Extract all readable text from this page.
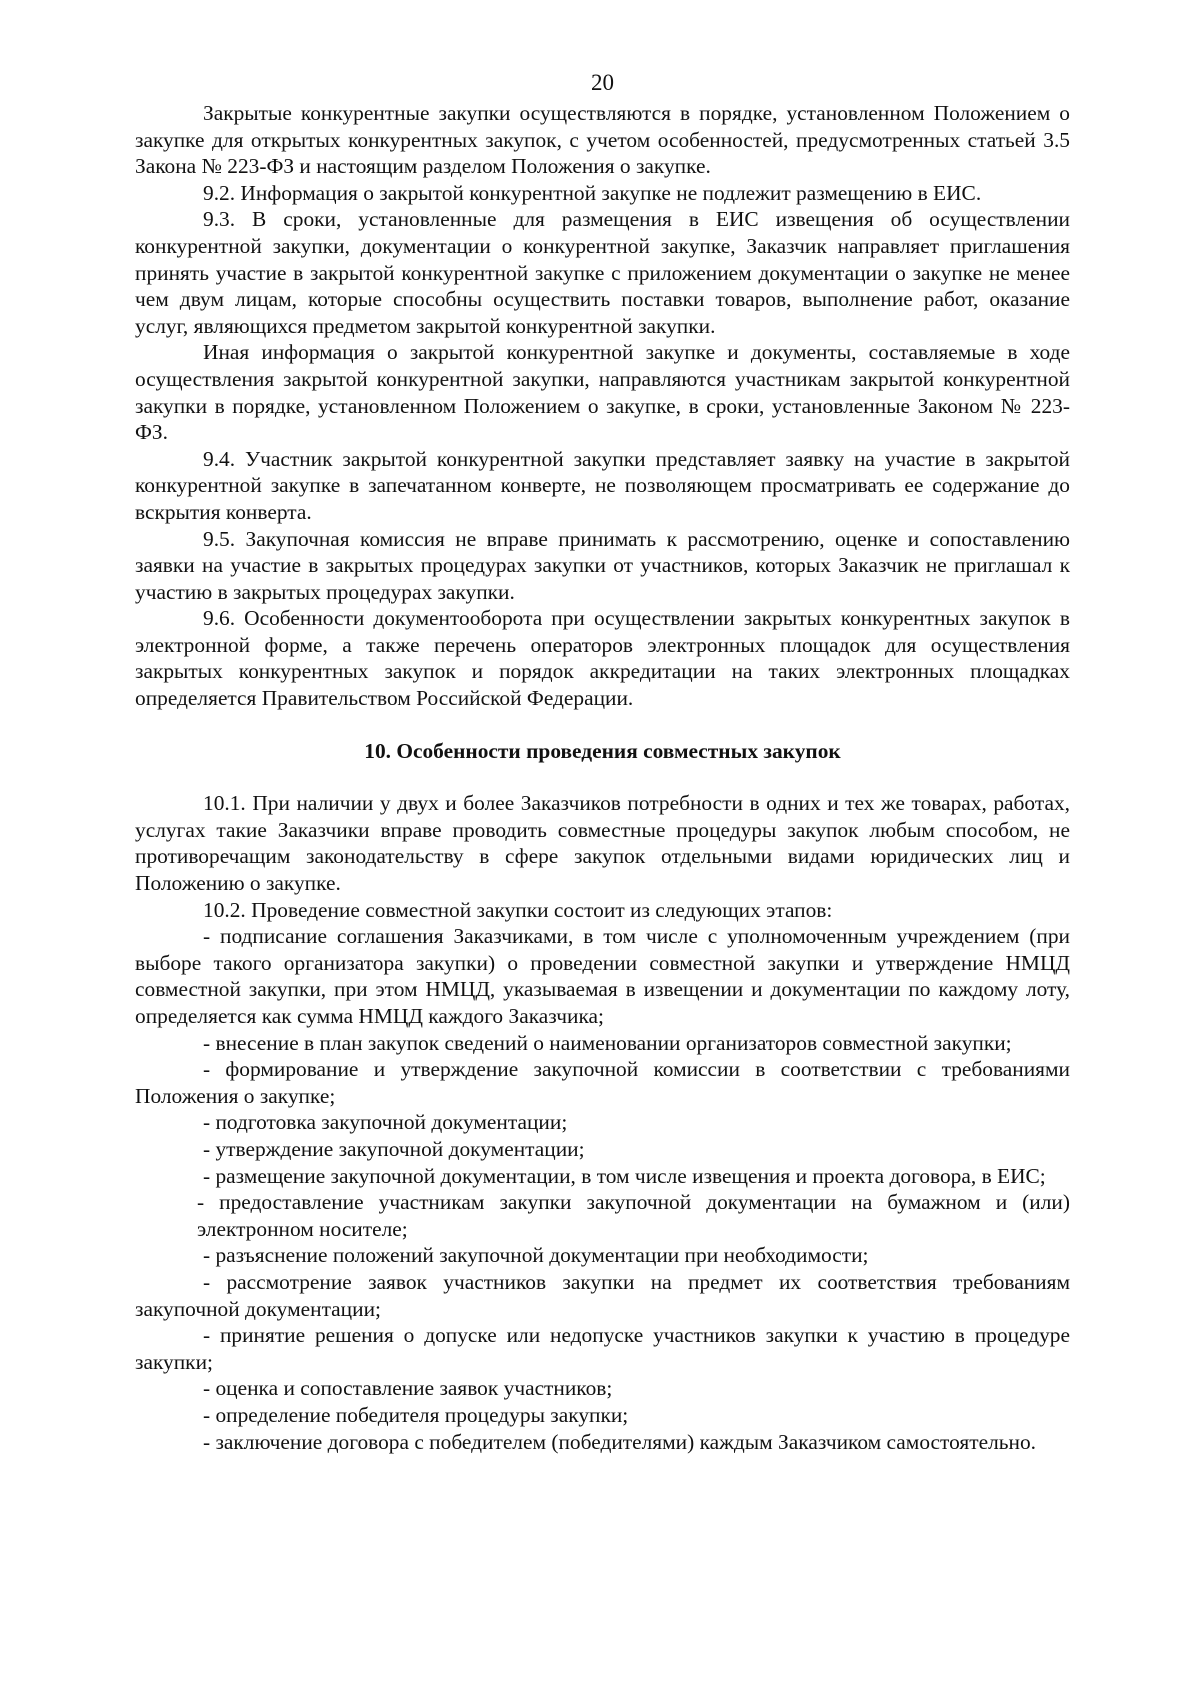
20

Закрытые конкурентные закупки осуществляются в порядке, установленном Положением о закупке для открытых конкурентных закупок, с учетом особенностей, предусмотренных статьей 3.5 Закона № 223-ФЗ и настоящим разделом Положения о закупке.

9.2. Информация о закрытой конкурентной закупке не подлежит размещению в ЕИС.

9.3. В сроки, установленные для размещения в ЕИС извещения об осуществлении конкурентной закупки, документации о конкурентной закупке, Заказчик направляет приглашения принять участие в закрытой конкурентной закупке с приложением документации о закупке не менее чем двум лицам, которые способны осуществить поставки товаров, выполнение работ, оказание услуг, являющихся предметом закрытой конкурентной закупки.

Иная информация о закрытой конкурентной закупке и документы, составляемые в ходе осуществления закрытой конкурентной закупки, направляются участникам закрытой конкурентной закупки в порядке, установленном Положением о закупке, в сроки, установленные Законом № 223-ФЗ.

9.4. Участник закрытой конкурентной закупки представляет заявку на участие в закрытой конкурентной закупке в запечатанном конверте, не позволяющем просматривать ее содержание до вскрытия конверта.

9.5. Закупочная комиссия не вправе принимать к рассмотрению, оценке и сопоставлению заявки на участие в закрытых процедурах закупки от участников, которых Заказчик не приглашал к участию в закрытых процедурах закупки.

9.6. Особенности документооборота при осуществлении закрытых конкурентных закупок в электронной форме, а также перечень операторов электронных площадок для осуществления закрытых конкурентных закупок и порядок аккредитации на таких электронных площадках определяется Правительством Российской Федерации.

10. Особенности проведения совместных закупок

10.1. При наличии у двух и более Заказчиков потребности в одних и тех же товарах, работах, услугах такие Заказчики вправе проводить совместные процедуры закупок любым способом, не противоречащим законодательству в сфере закупок отдельными видами юридических лиц и Положению о закупке.

10.2. Проведение совместной закупки состоит из следующих этапов:

- подписание соглашения Заказчиками, в том числе с уполномоченным учреждением (при выборе такого организатора закупки) о проведении совместной закупки и утверждение НМЦД совместной закупки, при этом НМЦД, указываемая в извещении и документации по каждому лоту, определяется как сумма НМЦД каждого Заказчика;

- внесение в план закупок сведений о наименовании организаторов совместной закупки;

- формирование и утверждение закупочной комиссии в соответствии с требованиями Положения о закупке;

- подготовка закупочной документации;

- утверждение закупочной документации;

- размещение закупочной документации, в том числе извещения и проекта договора, в ЕИС;

- предоставление участникам закупки закупочной документации на бумажном и (или) электронном носителе;

- разъяснение положений закупочной документации при необходимости;

- рассмотрение заявок участников закупки на предмет их соответствия требованиям закупочной документации;

- принятие решения о допуске или недопуске участников закупки к участию в процедуре закупки;

- оценка и сопоставление заявок участников;

- определение победителя процедуры закупки;

- заключение договора с победителем (победителями) каждым Заказчиком самостоятельно.
